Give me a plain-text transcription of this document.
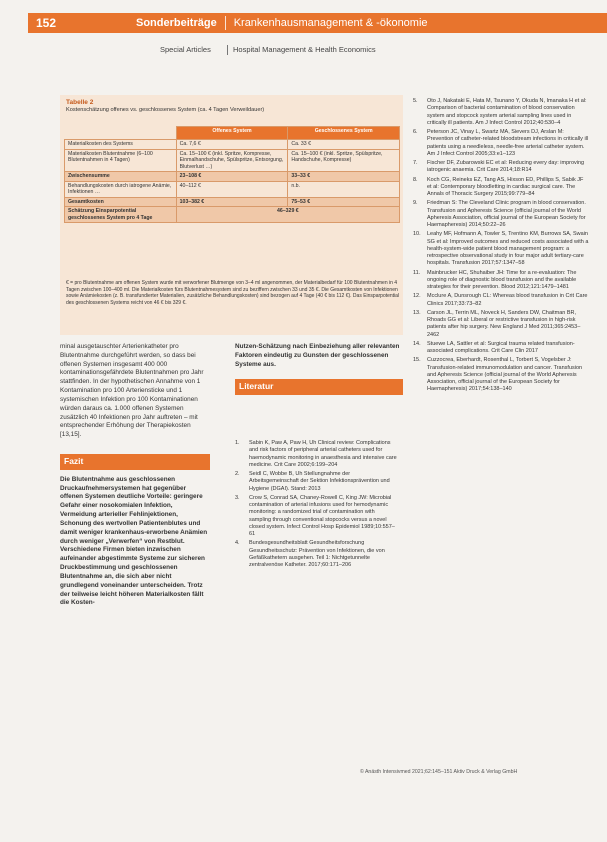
152	Sonderbeiträge Krankenhausmanagement & -ökonomie
Special Articles	Hospital Management & Health Economics
Tabelle 2
Kostenschätzung offenes vs. geschlossenes System (ca. 4 Tagen Verweildauer)
	Offenes System	Geschlossenes System
Materialkosten des Systems	Ca. 7,6 €	Ca. 33 €
Materialkosten Blutentnahme (6–100 Blutentnahmen in 4 Tagen)	Ca. 15–100 € (inkl. Spritze, Kompresse, Einmalhandschuhe, Spülspritze, Entsorgung, Blutverlust …)	Ca. 15–100 € (inkl. Spritze, Spülspritze, Handschuhe, Kompresse)
Zwischensumme	23–108 €	33–33 €
Behandlungskosten durch iatrogene Anämie, Infektionen …	40–112 €	n.b.
Gesamtkosten	103–382 €	75–53 €
Schätzung Einsparpotential geschlossenes System pro 4 Tage	46–329 €	
€ = pro Blutentnahme am offenen System wurde mit verworfener Blutmenge von 3–4 ml angenommen, der Materialbedarf für 100 Blutentnahmen in 4 Tagen zwischen 100–400 ml. Die Materialkosten fürs Blutentnahmesystem sind zu beziffern zwischen 33 und 35 €. Die Gesamtkosten von Infektionen sowie Anämiekosten (z. B. transfundierter Materialien, zusätzliche Behandlungskosten) sind bezogen auf 4 Tage (40 € bis 112 €). Das Einsparpotential des geschlossenen Systems reicht von 46 € bis 329 €.

minal ausgetauschter Arterienkatheter pro Blutentnahme durchgeführt werden, so dass bei offenen Systemen insgesamt 400 000 kontaminationsgefährdete Blutentnahmen pro Jahr stattfinden. In der hypothetischen Annahme von 1 Kontamination pro 100 Arteriensticke und 1 systemischen Infektion pro 100 Kontaminationen würden daraus ca. 1.000 offenen Systemen zusätzlich 40 Infektionen pro Jahr auftreten – mit entsprechender Erhöhung der Therapiekosten [13,15].

Fazit

Die Blutentnahme aus geschlossenen Druckaufnehmersystemen hat gegenüber offenen Systemen deutliche Vorteile: geringere Gefahr einer nosokomialen Infektion, Vermeidung arterieller Fehlinjektionen, Schonung des wertvollen Patientenblutes und damit weniger krankenhaus-erworbene Anämien durch weniger „Verwerfen“ von Restblut. Verschiedene Firmen bieten inzwischen aufeinander abgestimmte Systeme zur sicheren Druckbestimmung und geschlossenen Blutentnahme an, die sich aber nicht grundlegend voneinander unterscheiden. Trotz der teilweise leicht höheren Materialkosten fällt die Kosten-

Nutzen-Schätzung nach Einbeziehung aller relevanten Faktoren eindeutig zu Gunsten der geschlossenen Systeme aus.

Literatur
1.	Sabin K, Paw A, Paw H, Uh Clinical review: Complications and risk factors of peripheral arterial catheters used for haemodynamic monitoring in anaesthesia and intensive care medicine. Crit Care 2002;6:199–204
2.	Seidl C, Wobbe B, Uh Stellungnahme der Arbeitsgemeinschaft der Sektion Infektionsprävention und Hygiene (DGAI). Stand: 2013
3.	Crow S, Conrad SA, Chaney-Rowell C, King JW: Microbial contamination of arterial infusions used for hemodynamic monitoring: a randomized trial of contamination with sampling through conventional stopcocks versus a novel closed system. Infect Control Hosp Epidemiol 1989;10:557–61
4.	Bundesgesundheitsblatt Gesundheitsforschung Gesundheitsschutz: Prävention von Infektionen, die von Gefäßkathetern ausgehen. Teil 1: Nichtgetunnelte zentralvenöse Katheter. 2017;60:171–206
5.	Oto J, Nakataki E, Hata M, Tsunano Y, Okuda N, Imanaka H et al: Comparison of bacterial contamination of blood conservation system and stopcock system arterial sampling lines used in critically ill patients. Am J Infect Control 2012;40:530–4
6.	Peterson JC, Vinay L, Swartz MA, Sievers DJ, Arslan M: Prevention of catheter-related bloodstream infections in critically ill patients using a needleless, needle-free arterial catheter system. Am J Infect Control 2005;33:e1–123
7.	Fischer DF, Zubarowski EC et al: Reducing every day: improving iatrogenic anaemia. Crit Care 2014;18:R14
8.	Koch CG, Reineks EZ, Tang AS, Hixson ED, Phillips S, Sabik JF et al: Contemporary bloodletting in cardiac surgical care. The Annals of Thoracic Surgery 2015;99:779–84
9.	Friedman S: The Cleveland Clinic program in blood conservation. Transfusion and Apheresis Science (official journal of the World Apheresis Association, official journal of the European Society for Haemapheresis) 2014;50:22–26
10.	Leahy MF, Hofmann A, Towler S, Trentino KM, Burrows SA, Swain SG et al: Improved outcomes and reduced costs associated with a health-system-wide patient blood management program: a retrospective observational study in four major adult tertiary-care hospitals. Transfusion 2017;57:1347–58
11.	Mainbrucker HC, Shuhaiber JH: Time for a re-evaluation: The ongoing role of diagnostic blood transfusion and the available strategies for their prevention. Blood 2012;121:1479–1481
12.	Mcclure A, Dunsrough CL: Whereas blood transfusion in Crit Care Clinics 2017;33:73–82
13.	Carson JL, Terrin ML, Noveck H, Sanders DW, Chaitman BR, Rhoads GG et al: Liberal or restrictive transfusion in high-risk patients after hip surgery. New England J Med 2011;365:2453–2462
14.	Stuewe LA, Sattler et al: Surgical trauma related transfusion-associated complications. Crit Care Clin 2017
15.	Cuzzocrea, Eberhardt, Rosenthal L, Torbert S, Vogelsber J: Transfusion-related immunomodulation and cancer. Transfusion and Apheresis Science (official journal of the World Apheresis Association, official journal of the European Society for Haemapheresis) 2017;54:138–140
© Anästh Intensivmed 2021;62:145–151 Aktiv Druck & Verlag GmbH
